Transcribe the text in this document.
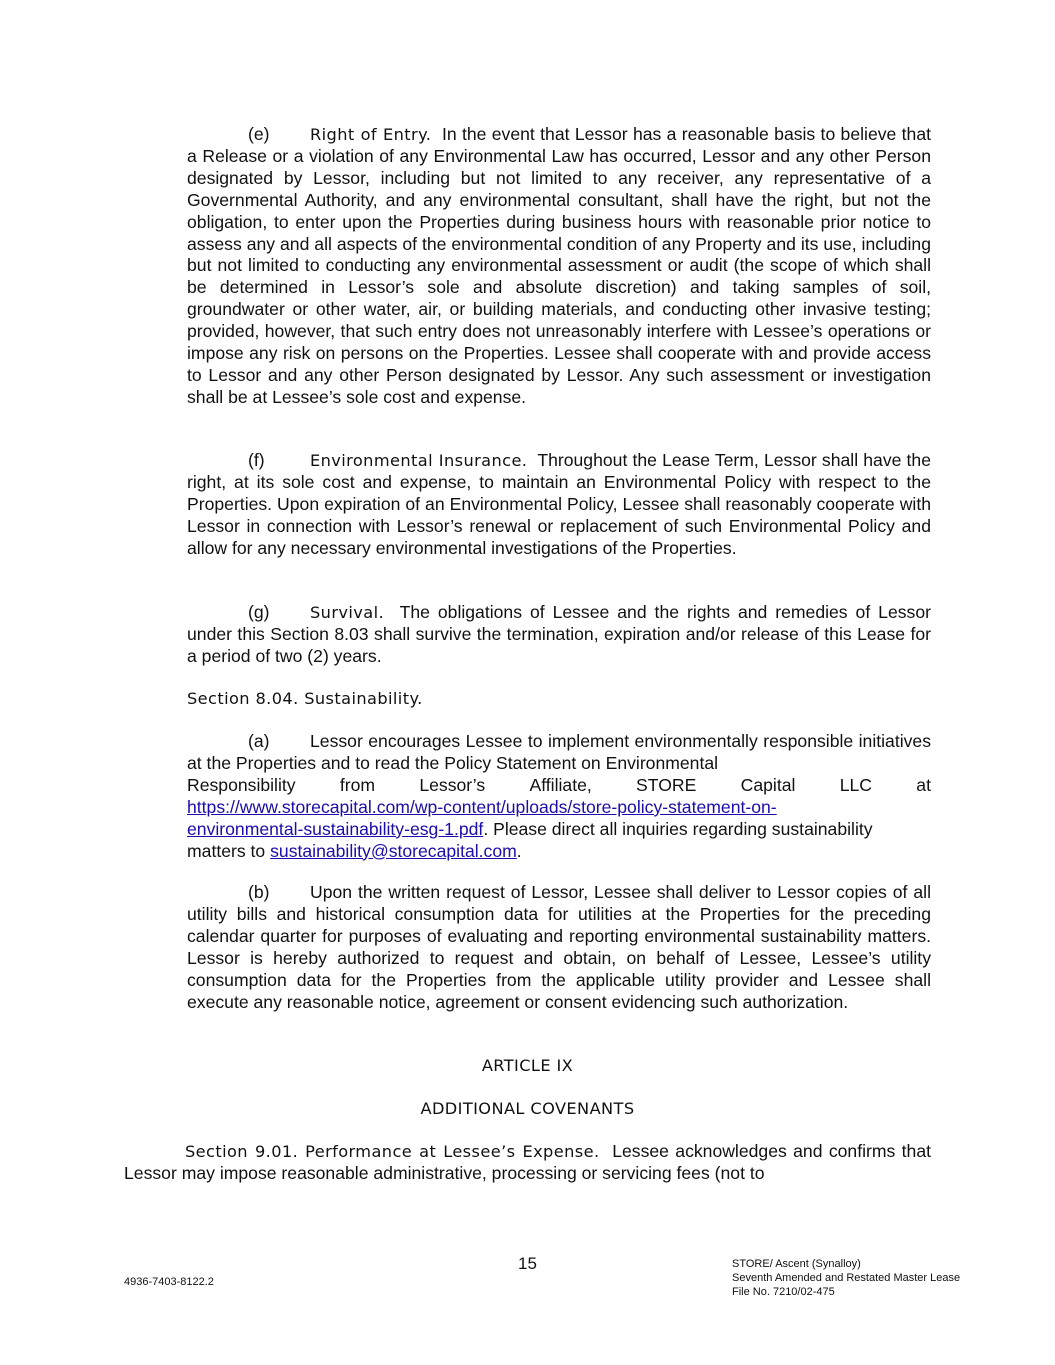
(e) Right of Entry. In the event that Lessor has a reasonable basis to believe that a Release or a violation of any Environmental Law has occurred, Lessor and any other Person designated by Lessor, including but not limited to any receiver, any representative of a Governmental Authority, and any environmental consultant, shall have the right, but not the obligation, to enter upon the Properties during business hours with reasonable prior notice to assess any and all aspects of the environmental condition of any Property and its use, including but not limited to conducting any environmental assessment or audit (the scope of which shall be determined in Lessor’s sole and absolute discretion) and taking samples of soil, groundwater or other water, air, or building materials, and conducting other invasive testing; provided, however, that such entry does not unreasonably interfere with Lessee’s operations or impose any risk on persons on the Properties. Lessee shall cooperate with and provide access to Lessor and any other Person designated by Lessor. Any such assessment or investigation shall be at Lessee’s sole cost and expense.

(f)	Environmental Insurance. Throughout the Lease Term, Lessor shall have the right, at its sole cost and expense, to maintain an Environmental Policy with respect to the Properties. Upon expiration of an Environmental Policy, Lessee shall reasonably cooperate with Lessor in connection with Lessor’s renewal or replacement of such Environmental Policy and allow for any necessary environmental investigations of the Properties.

(g) Survival. The obligations of Lessee and the rights and remedies of Lessor under this Section 8.03 shall survive the termination, expiration and/or release of this Lease for a period of two (2) years.

Section 8.04. Sustainability.

(a) Lessor encourages Lessee to implement environmentally responsible initiatives at the Properties and to read the Policy Statement on Environmental

Responsibility	from	Lessor’s	Affiliate,	STORE	Capital	LLC	at

https://www.storecapital.com/wp-content/uploads/store-policy-statement-on-
environmental-sustainability-esg-1.pdf. Please direct all inquiries regarding sustainability matters to sustainability@storecapital.com.

(b) Upon the written request of Lessor, Lessee shall deliver to Lessor copies of all utility bills and historical consumption data for utilities at the Properties for the preceding calendar quarter for purposes of evaluating and reporting environmental sustainability matters. Lessor is hereby authorized to request and obtain, on behalf of Lessee, Lessee’s utility consumption data for the Properties from the applicable utility provider and Lessee shall execute any reasonable notice, agreement or consent evidencing such authorization.

ARTICLE IX
ADDITIONAL COVENANTS

Section 9.01. Performance at Lessee’s Expense. Lessee acknowledges and confirms that Lessor may impose reasonable administrative, processing or servicing fees (not to

15
4936-7403-8122.2
STORE/ Ascent (Synalloy)
Seventh Amended and Restated Master Lease
File No. 7210/02-475
